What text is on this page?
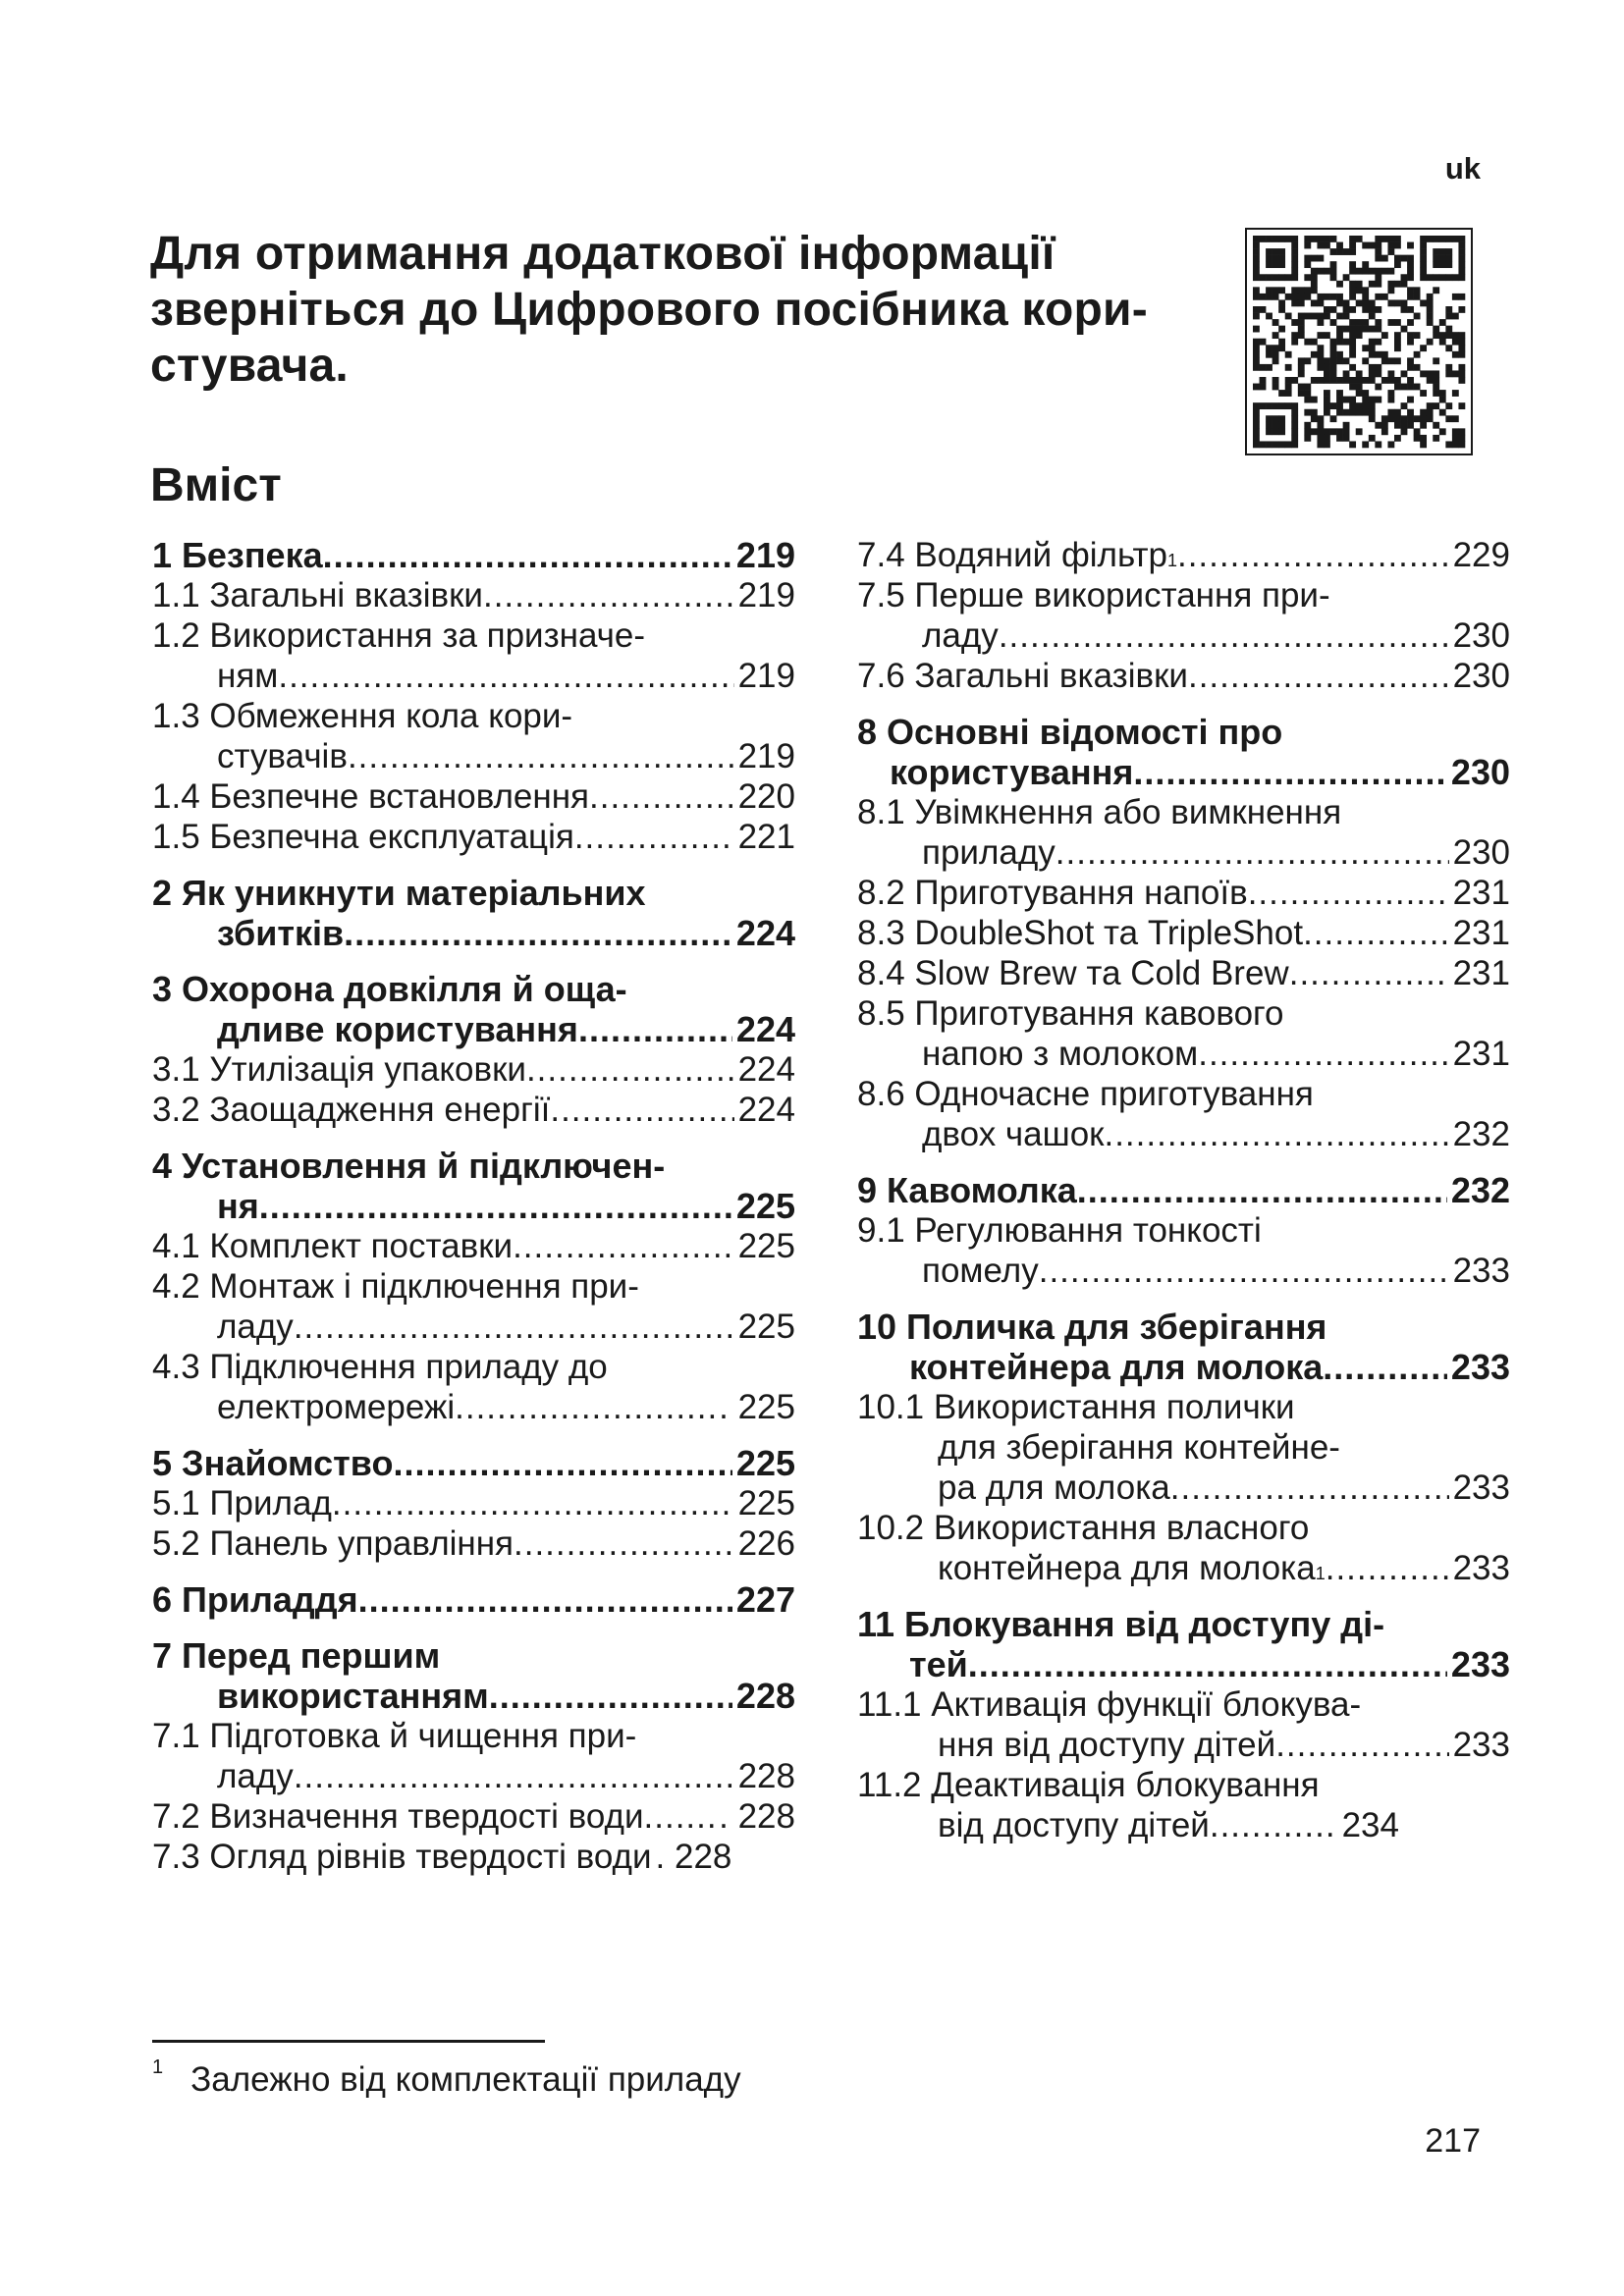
uk
Для отримання додаткової інформації
зверніться до Цифрового посібника кори-
стувача.
Вміст
1 Безпека .....	219
1.1 Загальні вказівки .....	219
1.2 Використання за призначе-
ням .....	219
1.3 Обмеження кола кори-
стувачів .....	219
1.4 Безпечне встановлення .....	220
1.5 Безпечна експлуатація .....	221
2 Як уникнути матеріальних
збитків .....	224
3 Охорона довкілля й оща-
дливе користування .....	224
3.1 Утилізація упаковки .....	224
3.2 Заощадження енергії .....	224
4 Установлення й підключен-
ня .....	225
4.1 Комплект поставки .....	225
4.2 Монтаж і підключення при-
ладу .....	225
4.3 Підключення приладу до
електромережі .....	. 225
5 Знайомство .....	225
5.1 Прилад .....	225
5.2 Панель управління .....	226
6 Приладдя .....	227
7 Перед першим
використанням .....	228
7.1 Підготовка й чищення при-
ладу .....	228
7.2 Визначення твердості води ..... . 228
7.3 Огляд рівнів твердості води . 228
7.4 Водяний фільтр 1 .....	229
7.5 Перше використання при-
ладу .....	230
7.6 Загальні вказівки .....	230
8 Основні відомості про
користування .....	230
8.1 Увімкнення або вимкнення
приладу .....	230
8.2 Приготування напоїв .....	231
8.3 DoubleShot та TripleShot .....	231
8.4 Slow Brew та Cold Brew .....	231
8.5 Приготування кавового
напою з молоком .....	231
8.6 Одночасне приготування
двох чашок .....	232
9 Кавомолка .....	232
9.1 Регулювання тонкості
помелу .....	233
10 Поличка для зберігання
контейнера для молока .....	233
10.1 Використання полички
для зберігання контейне-
ра для молока .....	233
10.2 Використання власного
контейнера для молока 1 .....	233
11 Блокування від доступу ді-
тей .....	233
11.1 Активація функції блокува-
ння від доступу дітей .....	233
11.2 Деактивація блокування
від доступу дітей .....	234
$^1$ Залежно від комплектації приладу
217
